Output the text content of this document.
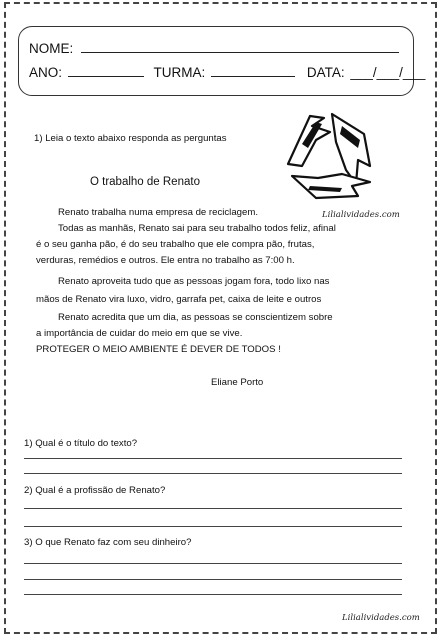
NOME:
ANO:	TURMA:	DATA: ___/___/___
1) Leia o texto abaixo responda as perguntas
O trabalho de Renato
Lilialividades.com
Renato trabalha numa empresa de reciclagem.
Todas as manhãs, Renato sai para seu trabalho todos feliz, afinal
é o seu ganha pão, é do seu trabalho que ele compra pão, frutas,
verduras, remédios e outros. Ele entra no trabalho as 7:00 h.
Renato aproveita tudo que as pessoas jogam fora, todo lixo nas
mãos de Renato vira luxo, vidro, garrafa pet, caixa de leite e outros
Renato acredita que um dia, as pessoas se conscientizem sobre
a importância de cuidar do meio em que se vive.
PROTEGER O MEIO AMBIENTE É DEVER DE TODOS !
Eliane Porto
1) Qual é o título do texto?
2) Qual é a profissão de Renato?
3) O que Renato faz com seu dinheiro?
Lilialividades.com
